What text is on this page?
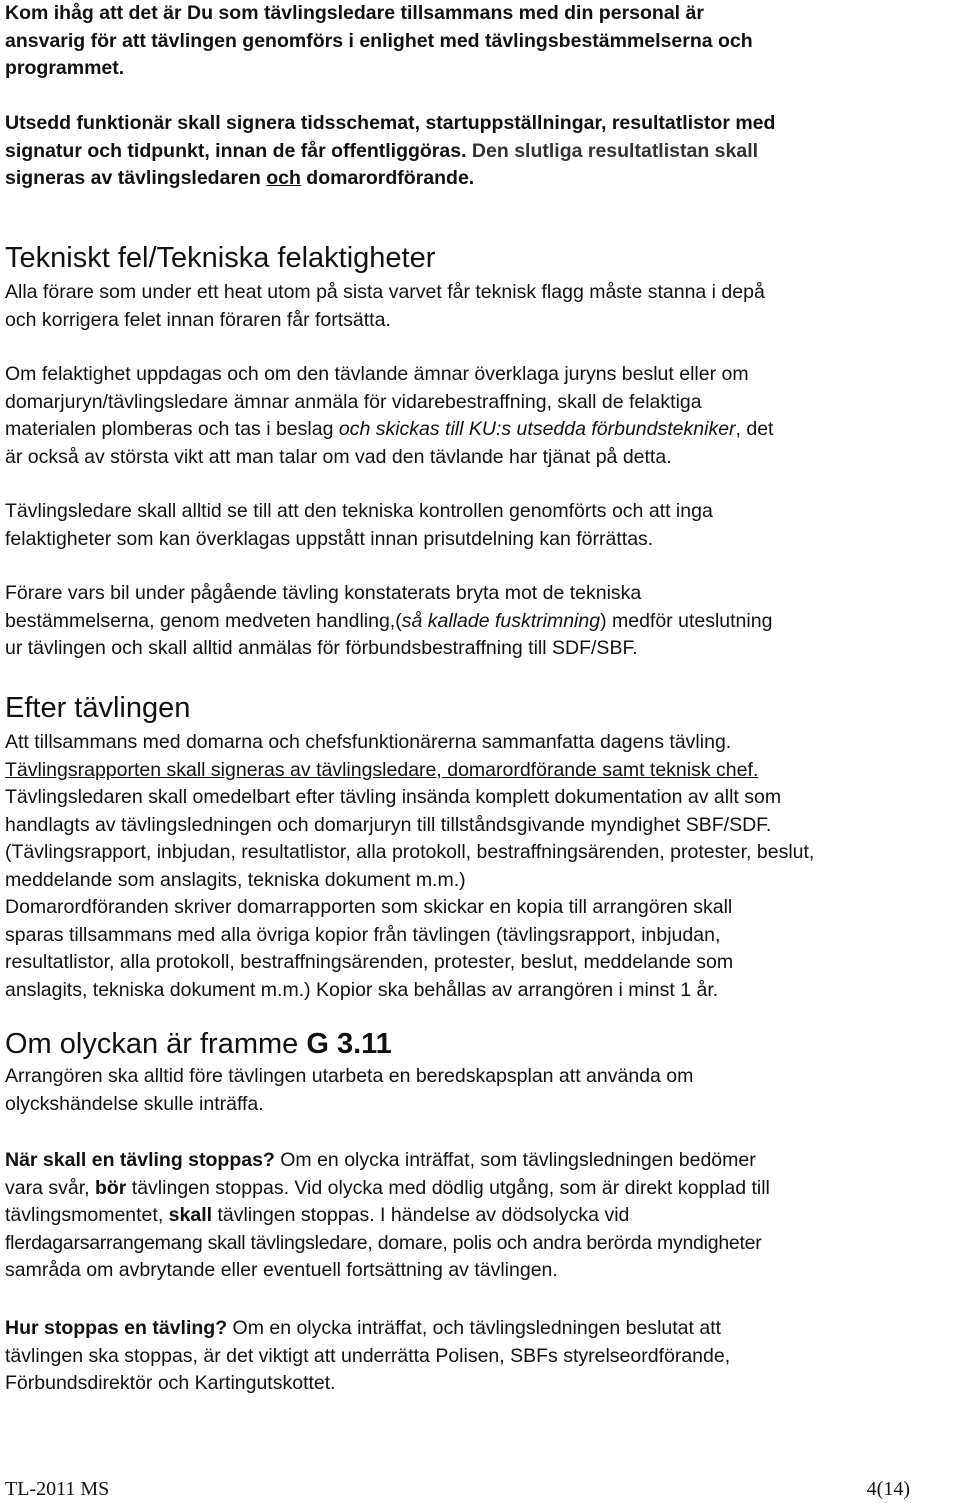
Kom ihåg att det är Du som tävlingsledare tillsammans med din personal är
ansvarig för att tävlingen genomförs i enlighet med tävlingsbestämmelserna och
programmet.

Utsedd funktionär skall signera tidsschemat, startuppställningar, resultatlistor med
signatur och tidpunkt, innan de får offentliggöras. Den slutliga resultatlistan skall
signeras av tävlingsledaren och domarordförande.

Tekniskt fel/Tekniska felaktigheter

Alla förare som under ett heat utom på sista varvet får teknisk flagg måste stanna i depå
och korrigera felet innan föraren får fortsätta.

Om felaktighet uppdagas och om den tävlande ämnar överklaga juryns beslut eller om
domarjuryn/tävlingsledare ämnar anmäla för vidarebestraffning, skall de felaktiga
materialen plomberas och tas i beslag och skickas till KU:s utsedda förbundstekniker, det
är också av största vikt att man talar om vad den tävlande har tjänat på detta.

Tävlingsledare skall alltid se till att den tekniska kontrollen genomförts och att inga
felaktigheter som kan överklagas uppstått innan prisutdelning kan förrättas.

Förare vars bil under pågående tävling konstaterats bryta mot de tekniska
bestämmelserna, genom medveten handling,(så kallade fusktrimning) medför uteslutning
ur tävlingen och skall alltid anmälas för förbundsbestraffning till SDF/SBF.

Efter tävlingen

Att tillsammans med domarna och chefsfunktionärerna sammanfatta dagens tävling.
Tävlingsrapporten skall signeras av tävlingsledare, domarordförande samt teknisk chef.
Tävlingsledaren skall omedelbart efter tävling insända komplett dokumentation av allt som
handlagts av tävlingsledningen och domarjuryn till tillståndsgivande myndighet SBF/SDF.
(Tävlingsrapport, inbjudan, resultatlistor, alla protokoll, bestraffningsärenden, protester, beslut,
meddelande som anslagits, tekniska dokument m.m.)
Domarordföranden skriver domarrapporten som skickar en kopia till arrangören skall
sparas tillsammans med alla övriga kopior från tävlingen (tävlingsrapport, inbjudan,
resultatlistor, alla protokoll, bestraffningsärenden, protester, beslut, meddelande som
anslagits, tekniska dokument m.m.) Kopior ska behållas av arrangören i minst 1 år.

Om olyckan är framme G 3.11

Arrangören ska alltid före tävlingen utarbeta en beredskapsplan att använda om
olyckshändelse skulle inträffa.

När skall en tävling stoppas? Om en olycka inträffat, som tävlingsledningen bedömer
vara svår, bör tävlingen stoppas. Vid olycka med dödlig utgång, som är direkt kopplad till
tävlingsmomentet, skall tävlingen stoppas. I händelse av dödsolycka vid
flerdagarsarrangemang skall tävlingsledare, domare, polis och andra berörda myndigheter
samråda om avbrytande eller eventuell fortsättning av tävlingen.

Hur stoppas en tävling? Om en olycka inträffat, och tävlingsledningen beslutat att
tävlingen ska stoppas, är det viktigt att underrätta Polisen, SBFs styrelseordförande,
Förbundsdirektör och Kartingutskottet.

TL-2011 MS	4(14)
